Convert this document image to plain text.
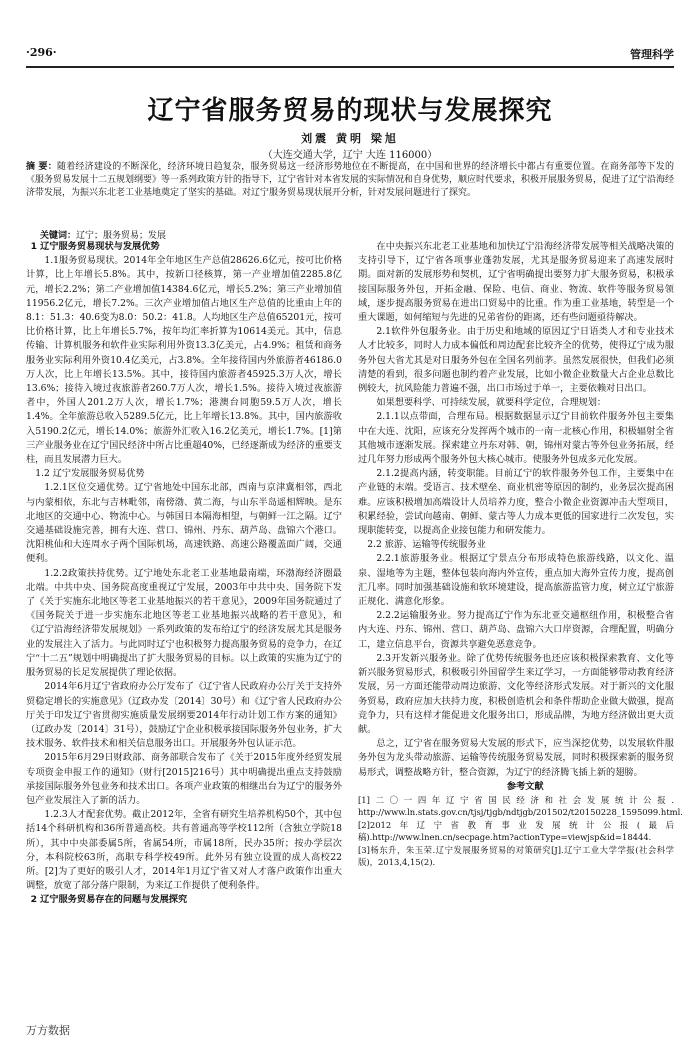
·296·	管理科学
辽宁省服务贸易的现状与发展探究
刘震 黄明 梁旭
（大连交通大学，辽宁 大连 116000）
摘 要：随着经济建设的不断深化，经济环境日趋复杂，服务贸易这一经济形势地位在不断提高，在中国和世界的经济增长中都占有重要位置。在商务部等下发的《服务贸易发展十二五规划纲要》等一系列政策方针的指导下，辽宁省针对本省发展的实际情况和自身优势，顺应时代要求，积极开展服务贸易，促进了辽宁沿海经济带发展，为振兴东北老工业基地奠定了坚实的基础。对辽宁服务贸易现状展开分析，针对发展问题进行了探究。
关键词：辽宁；服务贸易；发展

1 辽宁服务贸易现状与发展优势

1.1服务贸易现状。2014年全年地区生产总值28626.6亿元，按可比价格计算，比上年增长5.8%。其中，按新口径核算，第一产业增加值2285.8亿元，增长2.2%；第二产业增加值14384.6亿元，增长5.2%；第三产业增加值11956.2亿元，增长7.2%。三次产业增加值占地区生产总值的比重由上年的8.1：51.3：40.6变为8.0：50.2：41.8。人均地区生产总值65201元，按可比价格计算，比上年增长5.7%，按年均汇率折算为10614美元。其中，信息传输、计算机服务和软件业实际利用外资13.3亿美元，占4.9%；租赁和商务服务业实际利用外资10.4亿美元，占3.8%。全年接待国内外旅游者46186.0万人次，比上年增长13.5%。其中，接待国内旅游者45925.3万人次，增长13.6%；接待入境过夜旅游者260.7万人次，增长1.5%。接待入境过夜旅游者中，外国人201.2万人次，增长1.7%；港澳台同胞59.5万人次，增长1.4%。全年旅游总收入5289.5亿元，比上年增长13.8%。其中，国内旅游收入5190.2亿元，增长14.0%；旅游外汇收入16.2亿美元，增长1.7%。[1]第三产业服务业在辽宁国民经济中所占比重超40%，已经逐渐成为经济的重要支柱，而且发展潜力巨大。

1.2 辽宁发展服务贸易优势

1.2.1区位交通优势。辽宁省地处中国东北部，西南与京津冀相邻，西北与内蒙相依，东北与吉林毗邻，南傍渤、黄二海，与山东半岛遥相辉映。是东北地区的交通中心、物流中心。与韩国日本隔海相望，与朝鲜一江之隔。辽宁交通基础设施完善，拥有大连、营口、锦州、丹东、葫芦岛、盘锦六个港口。沈阳桃仙和大连周水子两个国际机场，高速铁路、高速公路覆盖面广阔，交通便利。

1.2.2政策扶持优势。辽宁地处东北老工业基地最南端，环渤海经济圈最北端。中共中央、国务院高度重视辽宁发展，2003年中共中央、国务院下发了《关于实施东北地区等老工业基地振兴的若干意见》，2009年国务院通过了《国务院关于进一步实施东北地区等老工业基地振兴战略的若干意见》，和《辽宁沿海经济带发展规划》一系列政策的发布给辽宁的经济发展尤其是服务业的发展注入了活力。与此同时辽宁也积极努力提高服务贸易的竞争力，在辽宁“十二五”规划中明确提出了扩大服务贸易的目标。以上政策的实施为辽宁的服务贸易的长足发展提供了理论依据。

2014年6月辽宁省政府办公厅发布了《辽宁省人民政府办公厅关于支持外贸稳定增长的实施意见》（辽政办发〔2014〕30号）和《辽宁省人民政府办公厅关于印发辽宁省贯彻实施质量发展纲要2014年行动计划工作方案的通知》（辽政办发〔2014〕31号），鼓励辽宁企业积极承接国际服务外包业务，扩大技术服务、软件技术和相关信息服务出口。开展服务外包认证示范。

2015年6月29日财政部、商务部联合发布了《关于2015年度外经贸发展专项资金申报工作的通知》（财行[2015]216号）其中明确提出重点支持鼓励承接国际服务外包业务和技术出口。各项产业政策的相继出台为辽宁的服务外包产业发展注入了新的活力。

1.2.3人才配套优势。截止2012年，全省有研究生培养机构50个，其中包括14个科研机构和36所普通高校。共有普通高等学校112所（含独立学院18所），其中中央部委属5所，省属54所，市属18所，民办35所；按办学层次分，本科院校63所，高职专科学校49所。此外另有独立设置的成人高校22所。[2]为了更好的吸引人才，2014年1月辽宁省又对人才落户政策作出重大调整，放宽了部分落户限制，为来辽工作提供了便利条件。

2 辽宁服务贸易存在的问题与发展探究

在中央振兴东北老工业基地和加快辽宁沿海经济带发展等相关战略决策的支持引导下，辽宁省各项事业蓬勃发展，尤其是服务贸易迎来了高速发展时期。面对新的发展形势和契机，辽宁省明确提出要努力扩大服务贸易，积极承接国际服务外包，开拓金融、保险、电信、商业、物流、软件等服务贸易领域，逐步提高服务贸易在进出口贸易中的比重。作为重工业基地，转型是一个重大课题，如何缩短与先进的兄弟省份的距离，还有些问题亟待解决。

2.1软件外包服务业。由于历史和地域的原因辽宁日语类人才和专业技术人才比较多，同时人力成本偏低和周边配套比较齐全的优势，使得辽宁成为服务外包大省尤其是对日服务外包在全国名列前茅。虽然发展很快，但我们必须清楚的看到，很多问题也制约着产业发展，比如小微企业数量大占企业总数比例较大，抗风险能力普遍不强，出口市场过于单一，主要依赖对日出口。

如果想要科学、可持续发展，就要科学定位，合理规划：

2.1.1以点带面，合理布局。根据数据显示辽宁目前软件服务外包主要集中在大连、沈阳，应该充分发挥两个城市的一南一北核心作用，积极辐射全省其他城市逐渐发展。探索建立丹东对韩、朝，锦州对蒙古等外包业务拓展，经过几年努力形成两个服务外包大核心城市。使服务外包成多元化发展。

2.1.2提高内涵，转变职能。目前辽宁的软件服务外包工作，主要集中在产业链的末端。受语言、技术壁垒、商业机密等原因的制约，业务层次提高困难。应该积极增加高端设计人员培养力度，整合小微企业资源冲击大型项目，积累经验，尝试向越南、朝鲜、蒙古等人力成本更低的国家进行二次发包，实现职能转变，以提高企业接包能力和研发能力。

2.2 旅游、运输等传统服务业

2.2.1旅游服务业。根据辽宁景点分布形成特色旅游线路，以文化、温泉、湿地等为主题，整体包装向海内外宣传，重点加大海外宣传力度，提高创汇几率。同时加强基础设施和软环境建设，提高旅游监管力度，树立辽宁旅游正规化、满意化形象。

2.2.2运输服务业。努力提高辽宁作为东北亚交通枢纽作用，积极整合省内大连、丹东、锦州、营口、葫芦岛、盘锦六大口岸资源，合理配置，明确分工，建立信息平台，资源共享避免恶意竞争。

2.3开发新兴服务业。除了优势传统服务也还应该积极探索教育、文化等新兴服务贸易形式，积极吸引外国留学生来辽学习，一方面能够带动教育经济发展，另一方面还能带动周边旅游、文化等经济形式发展。对于新兴的文化服务贸易，政府应加大扶持力度，积极创造机会和条件帮助企业做大做强，提高竞争力，只有这样才能促进文化服务出口，形成品牌，为地方经济做出更大贡献。

总之，辽宁省在服务贸易大发展的形式下，应当深挖优势，以发展软件服务外包为龙头带动旅游、运输等传统服务贸易发展，同时积极探索新的服务贸易形式，调整战略方针，整合资源，为辽宁的经济腾飞插上新的翅膀。

参考文献

[1]二〇一四年辽宁省国民经济和社会发展统计公报. http://www.ln.stats.gov.cn/tjsj/tjgb/ndtjgb/201502/t20150228_1595099.html.

[2]2012年辽宁省教育事业发展统计公报(最后稿).http://www.lnen.cn/secpage.htm?actionType=viewjsp&id=18444.

[3]杨东升，朱玉荣.辽宁发展服务贸易的对策研究[J].辽宁工业大学学报(社会科学版)，2013,4,15(2).

万方数据
